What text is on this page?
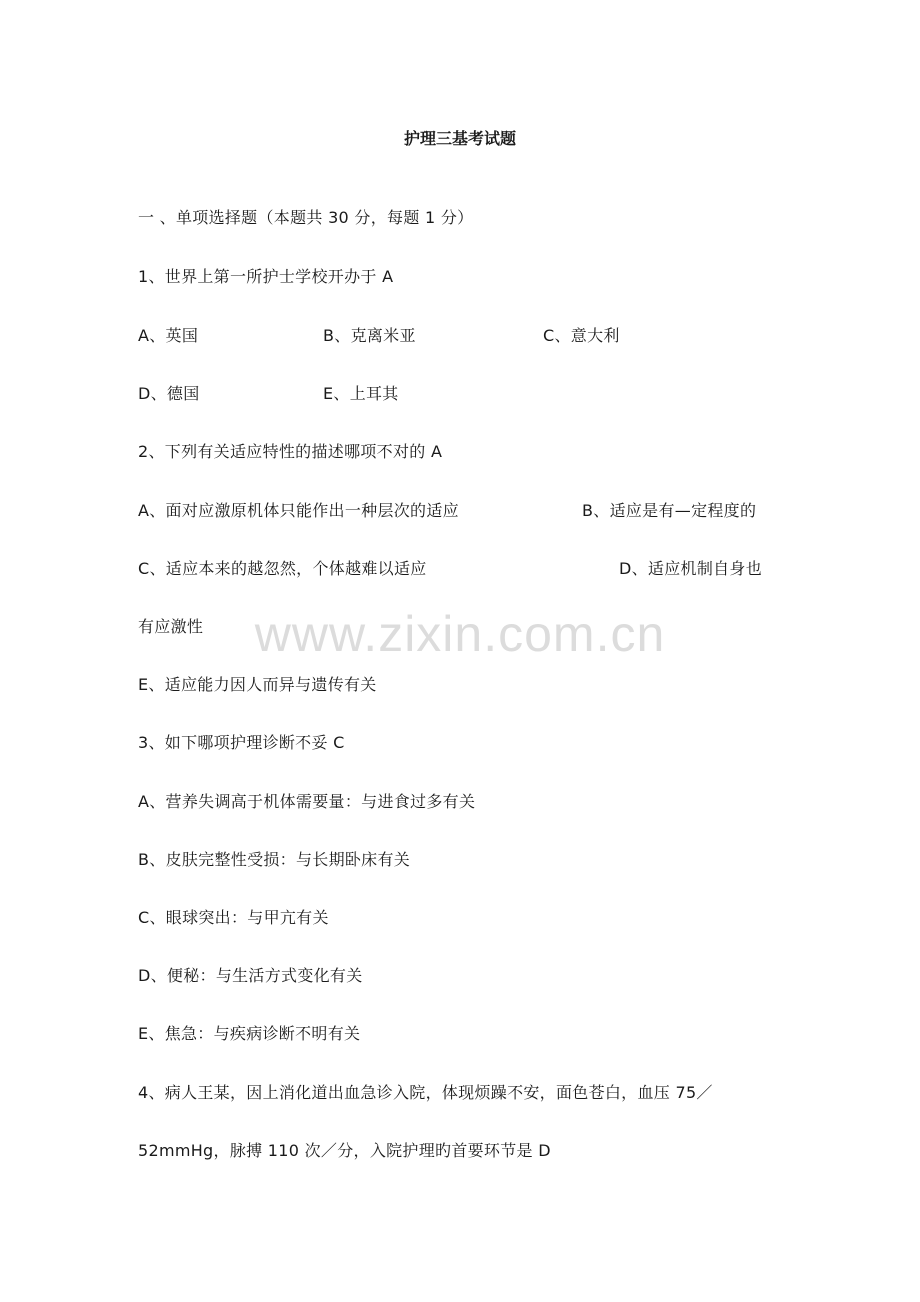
护理三基考试题
一 、单项选择题（本题共 30 分，每题 1 分）
1、世界上第一所护士学校开办于 A
A、英国	B、克离米亚	C、意大利
D、德国	E、上耳其
2、下列有关适应特性的描述哪项不对的 A
A、面对应激原机体只能作出一种层次的适应	B、适应是有—定程度的
C、适应本来的越忽然，个体越难以适应	D、适应机制自身也
有应激性
E、适应能力因人而异与遗传有关
3、如下哪项护理诊断不妥 C
A、营养失调高于机体需要量：与进食过多有关
B、皮肤完整性受损：与长期卧床有关
C、眼球突出：与甲亢有关
D、便秘：与生活方式变化有关
E、焦急：与疾病诊断不明有关
4、病人王某，因上消化道出血急诊入院，体现烦躁不安，面色苍白，血压 75／
52mmHg，脉搏 110 次／分，入院护理旳首要环节是 D
www.zixin.com.cn
